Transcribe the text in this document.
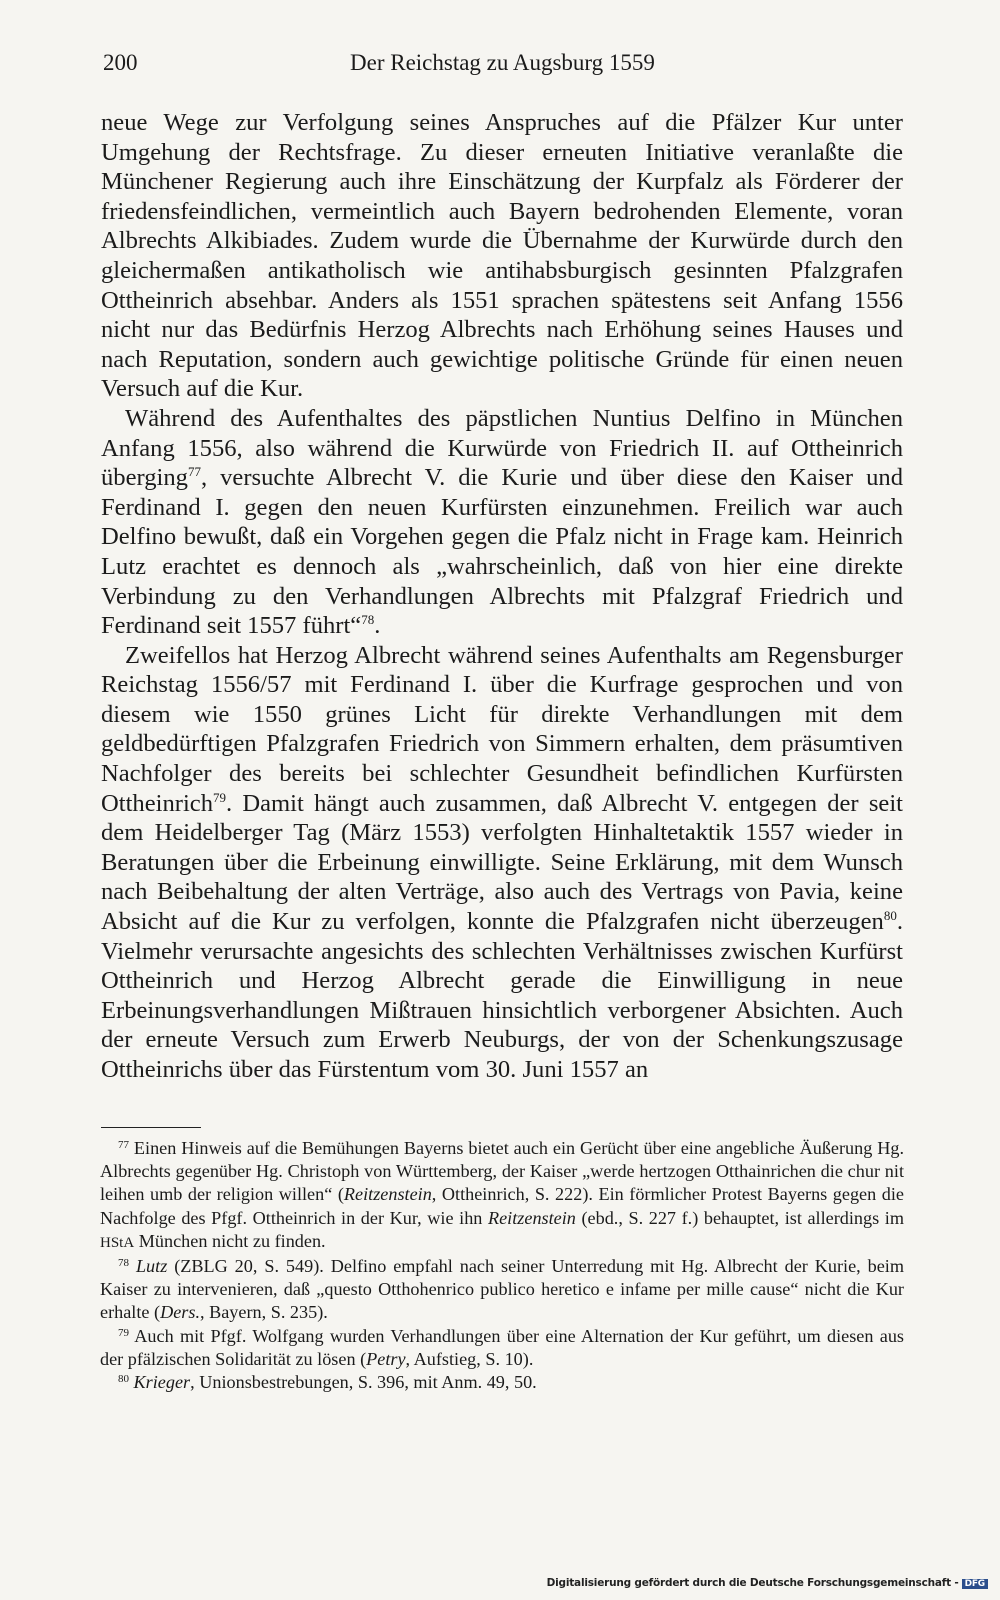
200	Der Reichstag zu Augsburg 1559

neue Wege zur Verfolgung seines Anspruches auf die Pfälzer Kur unter Umgehung der Rechtsfrage. Zu dieser erneuten Initiative veranlaßte die Münchener Regierung auch ihre Einschätzung der Kurpfalz als Förderer der friedensfeindlichen, vermeintlich auch Bayern bedrohenden Elemente, voran Albrechts Alkibiades. Zudem wurde die Übernahme der Kurwürde durch den gleichermaßen antikatholisch wie antihabsburgisch gesinnten Pfalzgrafen Ottheinrich absehbar. Anders als 1551 sprachen spätestens seit Anfang 1556 nicht nur das Bedürfnis Herzog Albrechts nach Erhöhung seines Hauses und nach Reputation, sondern auch gewichtige politische Gründe für einen neuen Versuch auf die Kur.

Während des Aufenthaltes des päpstlichen Nuntius Delfino in München Anfang 1556, also während die Kurwürde von Friedrich II. auf Ottheinrich überging$^{77}$, versuchte Albrecht V. die Kurie und über diese den Kaiser und Ferdinand I. gegen den neuen Kurfürsten einzunehmen. Freilich war auch Delfino bewußt, daß ein Vorgehen gegen die Pfalz nicht in Frage kam. Heinrich Lutz erachtet es dennoch als „wahrscheinlich, daß von hier eine direkte Verbindung zu den Verhandlungen Albrechts mit Pfalzgraf Friedrich und Ferdinand seit 1557 führt“$^{78}$.

Zweifellos hat Herzog Albrecht während seines Aufenthalts am Regensburger Reichstag 1556/57 mit Ferdinand I. über die Kurfrage gesprochen und von diesem wie 1550 grünes Licht für direkte Verhandlungen mit dem geldbedürftigen Pfalzgrafen Friedrich von Simmern erhalten, dem präsumtiven Nachfolger des bereits bei schlechter Gesundheit befindlichen Kurfürsten Ottheinrich$^{79}$. Damit hängt auch zusammen, daß Albrecht V. entgegen der seit dem Heidelberger Tag (März 1553) verfolgten Hinhaltetaktik 1557 wieder in Beratungen über die Erbeinung einwilligte. Seine Erklärung, mit dem Wunsch nach Beibehaltung der alten Verträge, also auch des Vertrags von Pavia, keine Absicht auf die Kur zu verfolgen, konnte die Pfalzgrafen nicht überzeugen$^{80}$. Vielmehr verursachte angesichts des schlechten Verhältnisses zwischen Kurfürst Ottheinrich und Herzog Albrecht gerade die Einwilligung in neue Erbeinungsverhandlungen Mißtrauen hinsichtlich verborgener Absichten. Auch der erneute Versuch zum Erwerb Neuburgs, der von der Schenkungszusage Ottheinrichs über das Fürstentum vom 30. Juni 1557 an

$^{77}$ Einen Hinweis auf die Bemühungen Bayerns bietet auch ein Gerücht über eine angebliche Äußerung Hg. Albrechts gegenüber Hg. Christoph von Württemberg, der Kaiser „werde hertzogen Otthainrichen die chur nit leihen umb der religion willen“ (Reitzenstein, Ottheinrich, S. 222). Ein förmlicher Protest Bayerns gegen die Nachfolge des Pfgf. Ottheinrich in der Kur, wie ihn Reitzenstein (ebd., S. 227 f.) behauptet, ist allerdings im HStA München nicht zu finden.

$^{78}$ Lutz (ZBLG 20, S. 549). Delfino empfahl nach seiner Unterredung mit Hg. Albrecht der Kurie, beim Kaiser zu intervenieren, daß „questo Otthohenrico publico heretico e infame per mille cause“ nicht die Kur erhalte (Ders., Bayern, S. 235).

$^{79}$ Auch mit Pfgf. Wolfgang wurden Verhandlungen über eine Alternation der Kur geführt, um diesen aus der pfälzischen Solidarität zu lösen (Petry, Aufstieg, S. 10).

$^{80}$ Krieger, Unionsbestrebungen, S. 396, mit Anm. 49, 50.

Digitalisierung gefördert durch die Deutsche Forschungsgemeinschaft - DFG
